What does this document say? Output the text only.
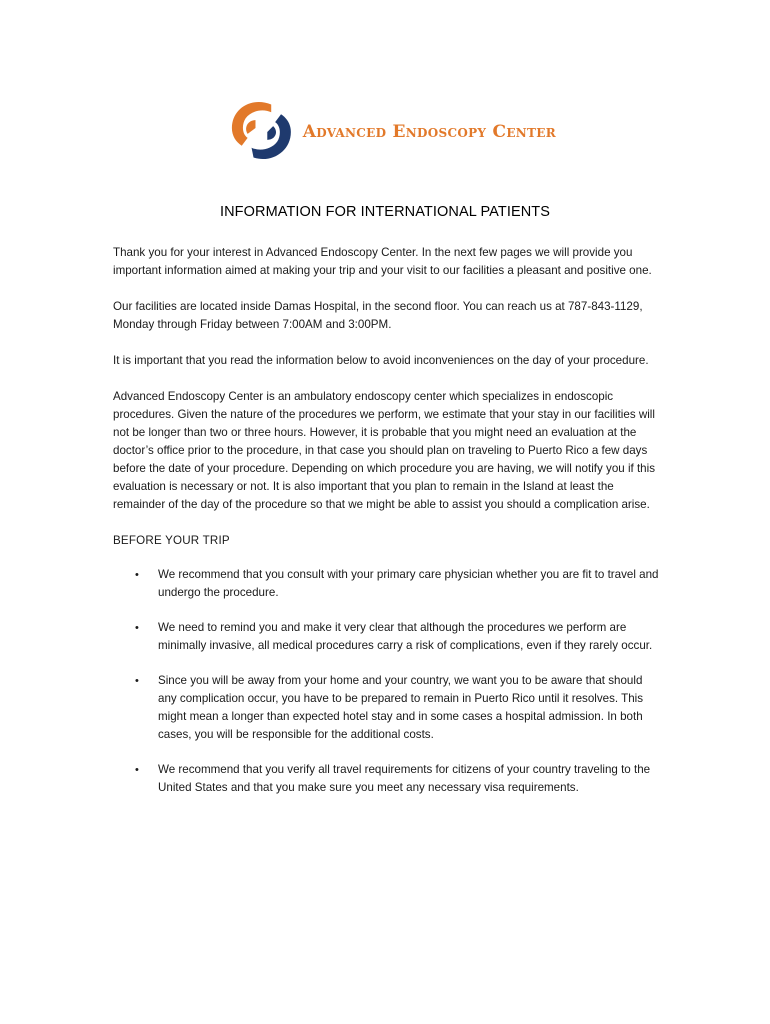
Advanced Endoscopy Center
INFORMATION FOR INTERNATIONAL PATIENTS

Thank you for your interest in Advanced Endoscopy Center. In the next few pages we will provide you important information aimed at making your trip and your visit to our facilities a pleasant and positive one.

Our facilities are located inside Damas Hospital, in the second floor. You can reach us at 787-843-1129, Monday through Friday between 7:00AM and 3:00PM.

It is important that you read the information below to avoid inconveniences on the day of your procedure.

Advanced Endoscopy Center is an ambulatory endoscopy center which specializes in endoscopic procedures. Given the nature of the procedures we perform, we estimate that your stay in our facilities will not be longer than two or three hours. However, it is probable that you might need an evaluation at the doctor’s office prior to the procedure, in that case you should plan on traveling to Puerto Rico a few days before the date of your procedure. Depending on which procedure you are having, we will notify you if this evaluation is necessary or not. It is also important that you plan to remain in the Island at least the remainder of the day of the procedure so that we might be able to assist you should a complication arise.

BEFORE YOUR TRIP
• We recommend that you consult with your primary care physician whether you are fit to travel and undergo the procedure.
• We need to remind you and make it very clear that although the procedures we perform are minimally invasive, all medical procedures carry a risk of complications, even if they rarely occur.
• Since you will be away from your home and your country, we want you to be aware that should any complication occur, you have to be prepared to remain in Puerto Rico until it resolves. This might mean a longer than expected hotel stay and in some cases a hospital admission. In both cases, you will be responsible for the additional costs.
• We recommend that you verify all travel requirements for citizens of your country traveling to the United States and that you make sure you meet any necessary visa requirements.
